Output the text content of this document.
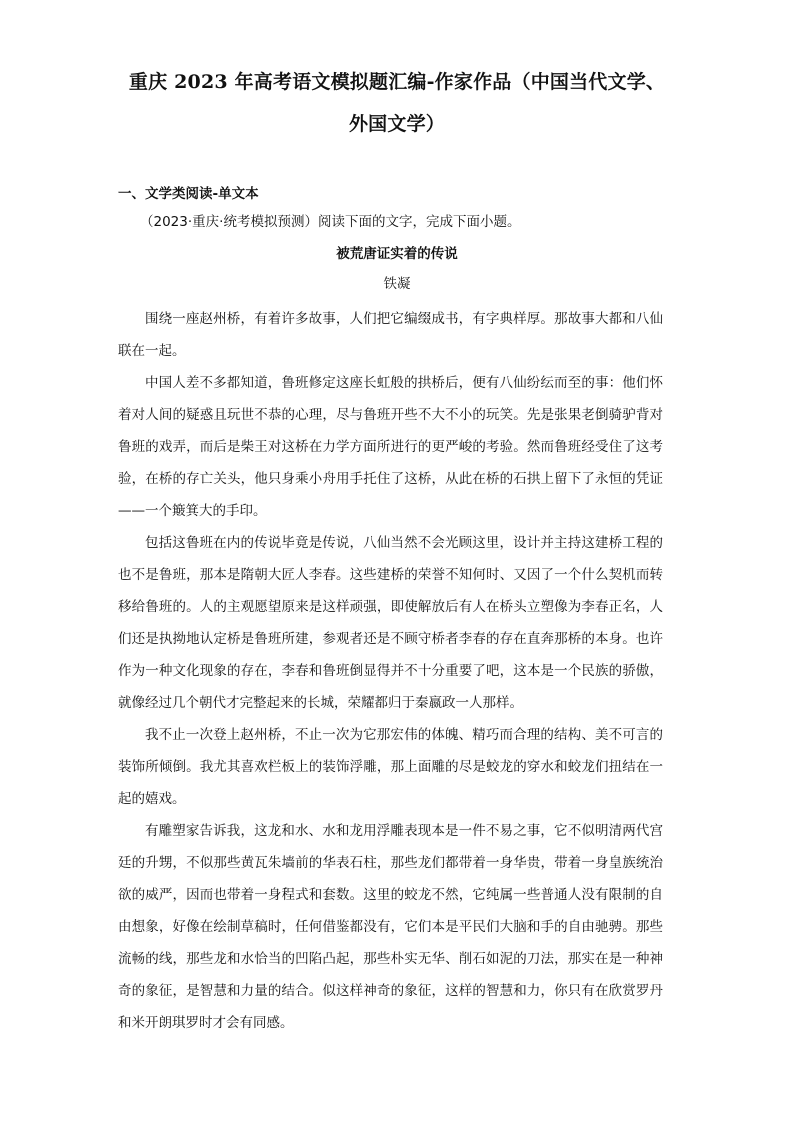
重庆 2023 年高考语文模拟题汇编-作家作品（中国当代文学、
外国文学）
一、文学类阅读-单文本
（2023·重庆·统考模拟预测）阅读下面的文字，完成下面小题。
被荒唐证实着的传说
铁凝

围绕一座赵州桥，有着许多故事，人们把它编缀成书，有字典样厚。那故事大都和八仙联在一起。

中国人差不多都知道，鲁班修定这座长虹般的拱桥后，便有八仙纷纭而至的事：他们怀着对人间的疑惑且玩世不恭的心理，尽与鲁班开些不大不小的玩笑。先是张果老倒骑驴背对鲁班的戏弄，而后是柴王对这桥在力学方面所进行的更严峻的考验。然而鲁班经受住了这考验，在桥的存亡关头，他只身乘小舟用手托住了这桥，从此在桥的石拱上留下了永恒的凭证——一个簸箕大的手印。

包括这鲁班在内的传说毕竟是传说，八仙当然不会光顾这里，设计并主持这建桥工程的也不是鲁班，那本是隋朝大匠人李春。这些建桥的荣誉不知何时、又因了一个什么契机而转移给鲁班的。人的主观愿望原来是这样顽强，即使解放后有人在桥头立塑像为李春正名，人们还是执拗地认定桥是鲁班所建，参观者还是不顾守桥者李春的存在直奔那桥的本身。也许作为一种文化现象的存在，李春和鲁班倒显得并不十分重要了吧，这本是一个民族的骄傲，就像经过几个朝代才完整起来的长城，荣耀都归于秦嬴政一人那样。

我不止一次登上赵州桥，不止一次为它那宏伟的体魄、精巧而合理的结构、美不可言的装饰所倾倒。我尤其喜欢栏板上的装饰浮雕，那上面雕的尽是蛟龙的穿水和蛟龙们扭结在一起的嬉戏。

有雕塑家告诉我，这龙和水、水和龙用浮雕表现本是一件不易之事，它不似明清两代宫廷的升甥，不似那些黄瓦朱墙前的华表石柱，那些龙们都带着一身华贵，带着一身皇族统治欲的威严，因而也带着一身程式和套数。这里的蛟龙不然，它纯属一些普通人没有限制的自由想象，好像在绘制草稿时，任何借鉴都没有，它们本是平民们大脑和手的自由驰骋。那些流畅的线，那些龙和水恰当的凹陷凸起，那些朴实无华、削石如泥的刀法，那实在是一种神奇的象征，是智慧和力量的结合。似这样神奇的象征，这样的智慧和力，你只有在欣赏罗丹和米开朗琪罗时才会有同感。
